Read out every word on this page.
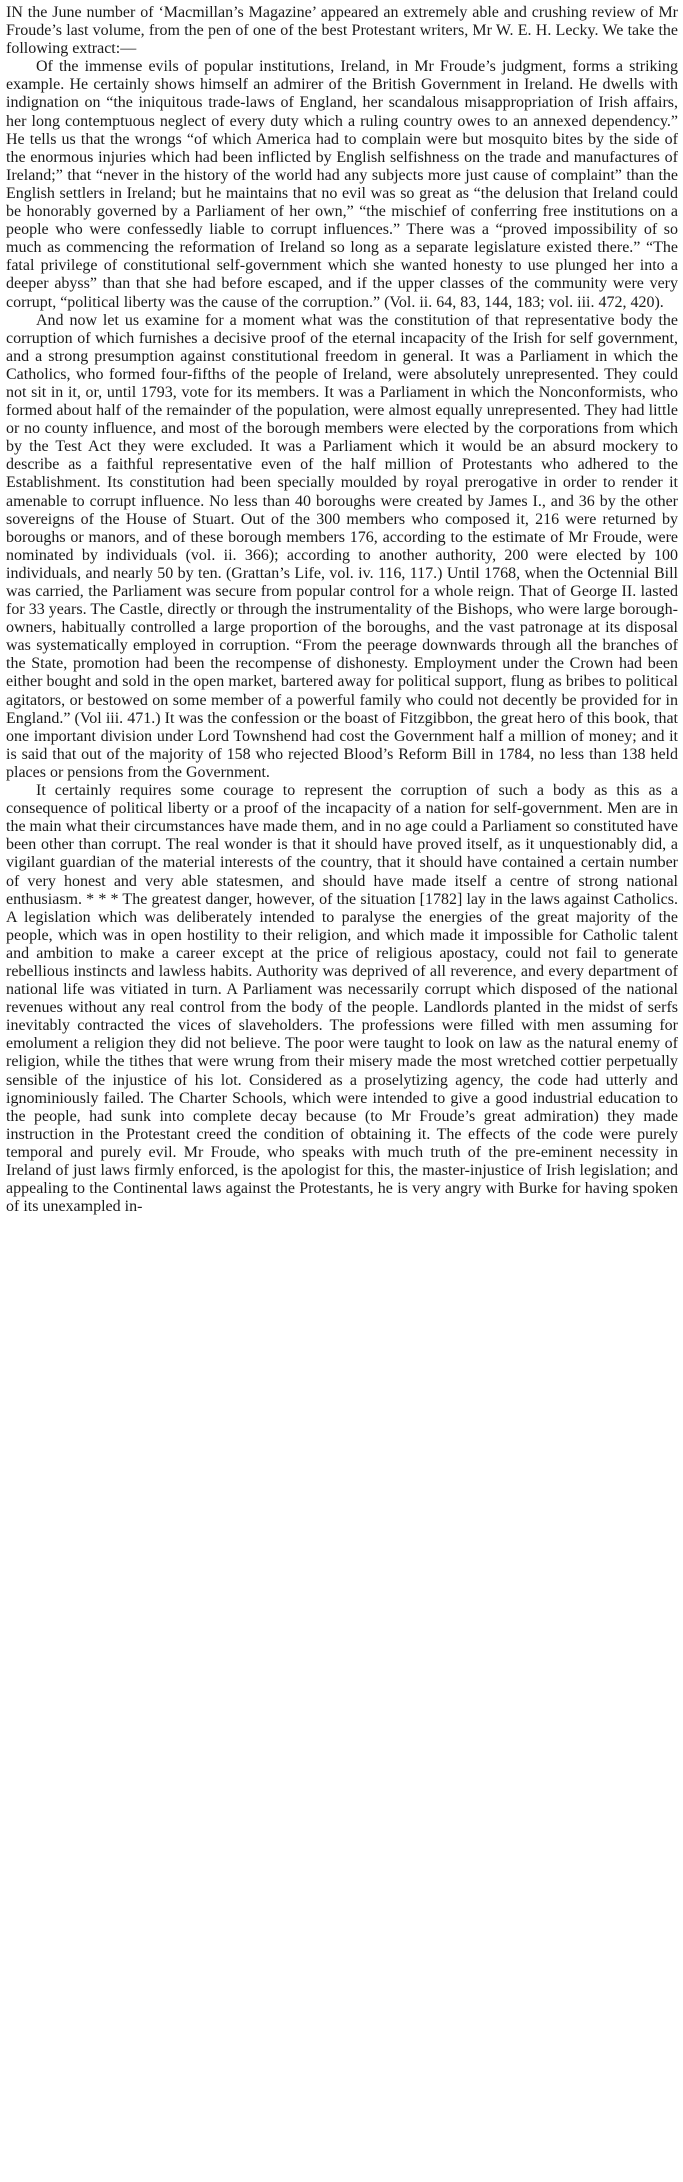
IN the June number of ‘Macmillan’s Magazine’ appeared an extremely able and crushing review of Mr Froude’s last volume, from the pen of one of the best Protestant writers, Mr W. E. H. Lecky. We take the following extract:—

Of the immense evils of popular institutions, Ireland, in Mr Froude’s judgment, forms a striking example. He certainly shows himself an admirer of the British Government in Ireland. He dwells with indignation on “the iniquitous trade-laws of England, her scandalous misappropriation of Irish affairs, her long contemptuous neglect of every duty which a ruling country owes to an annexed dependency.” He tells us that the wrongs “of which America had to complain were but mosquito bites by the side of the enormous injuries which had been inflicted by English selfishness on the trade and manufactures of Ireland;” that “never in the history of the world had any subjects more just cause of complaint” than the English settlers in Ireland; but he maintains that no evil was so great as “the delusion that Ireland could be honorably governed by a Parliament of her own,” “the mischief of conferring free institutions on a people who were confessedly liable to corrupt influences.” There was a “proved impossibility of so much as commencing the reformation of Ireland so long as a separate legislature existed there.” “The fatal privilege of constitutional self-government which she wanted honesty to use plunged her into a deeper abyss” than that she had before escaped, and if the upper classes of the community were very corrupt, “political liberty was the cause of the corruption.” (Vol. ii. 64, 83, 144, 183; vol. iii. 472, 420).

And now let us examine for a moment what was the constitution of that representative body the corruption of which furnishes a decisive proof of the eternal incapacity of the Irish for self government, and a strong presumption against constitutional freedom in general. It was a Parliament in which the Catholics, who formed four-fifths of the people of Ireland, were absolutely unrepresented. They could not sit in it, or, until 1793, vote for its members. It was a Parliament in which the Nonconformists, who formed about half of the remainder of the population, were almost equally unrepresented. They had little or no county influence, and most of the borough members were elected by the corporations from which by the Test Act they were excluded. It was a Parliament which it would be an absurd mockery to describe as a faithful representative even of the half million of Protestants who adhered to the Establishment. Its constitution had been specially moulded by royal prerogative in order to render it amenable to corrupt influence. No less than 40 boroughs were created by James I., and 36 by the other sovereigns of the House of Stuart. Out of the 300 members who composed it, 216 were returned by boroughs or manors, and of these borough members 176, according to the estimate of Mr Froude, were nominated by individuals (vol. ii. 366); according to another authority, 200 were elected by 100 individuals, and nearly 50 by ten. (Grattan’s Life, vol. iv. 116, 117.) Until 1768, when the Octennial Bill was carried, the Parliament was secure from popular control for a whole reign. That of George II. lasted for 33 years. The Castle, directly or through the instrumentality of the Bishops, who were large borough-owners, habitually controlled a large proportion of the boroughs, and the vast patronage at its disposal was systematically employed in corruption. “From the peerage downwards through all the branches of the State, promotion had been the recompense of dishonesty. Employment under the Crown had been either bought and sold in the open market, bartered away for political support, flung as bribes to political agitators, or bestowed on some member of a powerful family who could not decently be provided for in England.” (Vol iii. 471.) It was the confession or the boast of Fitzgibbon, the great hero of this book, that one important division under Lord Townshend had cost the Government half a million of money; and it is said that out of the majority of 158 who rejected Blood’s Reform Bill in 1784, no less than 138 held places or pensions from the Government.

It certainly requires some courage to represent the corruption of such a body as this as a consequence of political liberty or a proof of the incapacity of a nation for self-government. Men are in the main what their circumstances have made them, and in no age could a Parliament so constituted have been other than corrupt. The real wonder is that it should have proved itself, as it unquestionably did, a vigilant guardian of the material interests of the country, that it should have contained a certain number of very honest and very able statesmen, and should have made itself a centre of strong national enthusiasm. * * * The greatest danger, however, of the situation [1782] lay in the laws against Catholics. A legislation which was deliberately intended to paralyse the energies of the great majority of the people, which was in open hostility to their religion, and which made it impossible for Catholic talent and ambition to make a career except at the price of religious apostacy, could not fail to generate rebellious instincts and lawless habits. Authority was deprived of all reverence, and every department of national life was vitiated in turn. A Parliament was necessarily corrupt which disposed of the national revenues without any real control from the body of the people. Landlords planted in the midst of serfs inevitably contracted the vices of slaveholders. The professions were filled with men assuming for emolument a religion they did not believe. The poor were taught to look on law as the natural enemy of religion, while the tithes that were wrung from their misery made the most wretched cottier perpetually sensible of the injustice of his lot. Considered as a proselytizing agency, the code had utterly and ignominiously failed. The Charter Schools, which were intended to give a good industrial education to the people, had sunk into complete decay because (to Mr Froude’s great admiration) they made instruction in the Protestant creed the condition of obtaining it. The effects of the code were purely temporal and purely evil. Mr Froude, who speaks with much truth of the pre-eminent necessity in Ireland of just laws firmly enforced, is the apologist for this, the master-injustice of Irish legislation; and appealing to the Continental laws against the Protestants, he is very angry with Burke for having spoken of its unexampled in-
